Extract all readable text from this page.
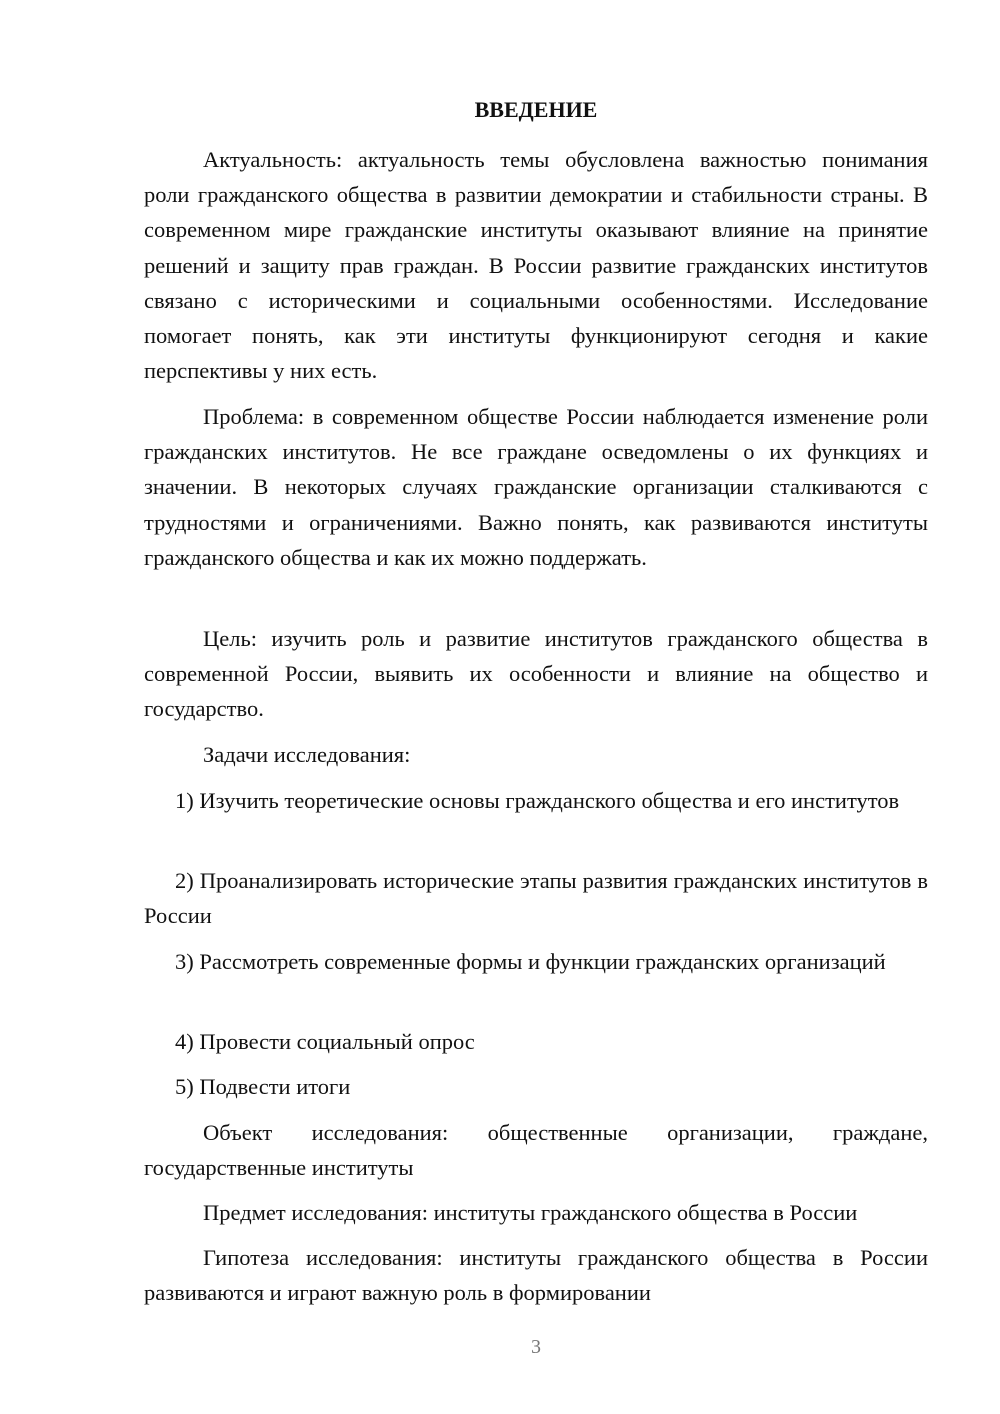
ВВЕДЕНИЕ

Актуальность: актуальность темы обусловлена важностью понимания роли гражданского общества в развитии демократии и стабильности страны. В современном мире гражданские институты оказывают влияние на принятие решений и защиту прав граждан. В России развитие гражданских институтов связано с историческими и социальными особенностями. Исследование помогает понять, как эти институты функционируют сегодня и какие перспективы у них есть.

Проблема: в современном обществе России наблюдается изменение роли гражданских институтов. Не все граждане осведомлены о их функциях и значении. В некоторых случаях гражданские организации сталкиваются с трудностями и ограничениями. Важно понять, как развиваются институты гражданского общества и как их можно поддержать.

Цель: изучить роль и развитие институтов гражданского общества в современной России, выявить их особенности и влияние на общество и государство.

Задачи исследования:

1) Изучить теоретические основы гражданского общества и его институтов

2) Проанализировать исторические этапы развития гражданских институтов в России

3) Рассмотреть современные формы и функции гражданских организаций

4) Провести социальный опрос

5) Подвести итоги

Объект исследования: общественные организации, граждане, государственные институты

Предмет исследования: институты гражданского общества в России

Гипотеза исследования: институты гражданского общества в России развиваются и играют важную роль в формировании

3
